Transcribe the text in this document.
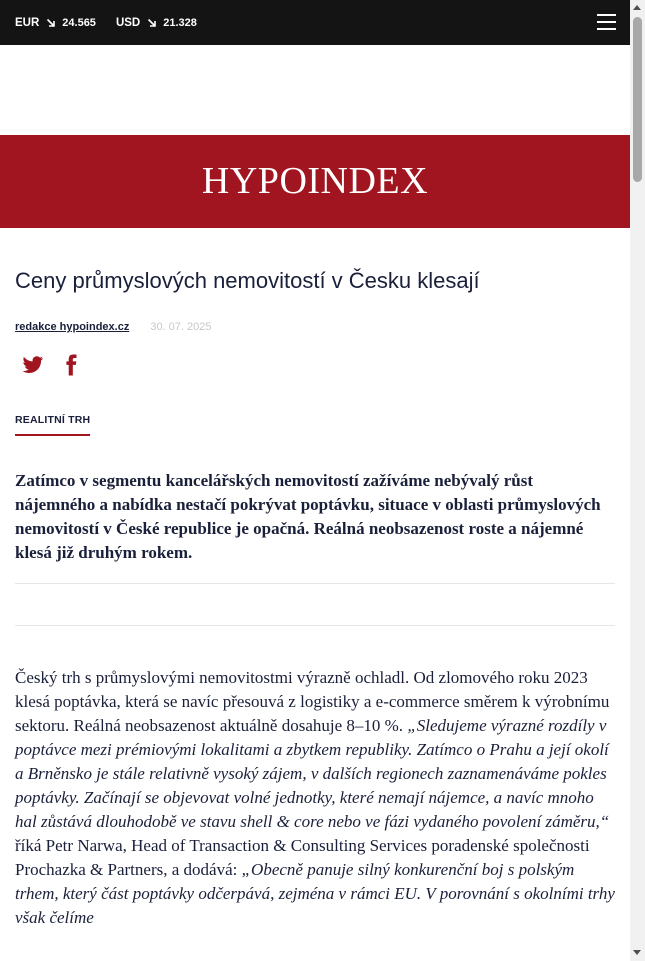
EUR 24.565 USD 21.328
HYPOINDEX
Ceny průmyslových nemovitostí v Česku klesají
redakce hypoindex.cz 30. 07. 2025
REALITNÍ TRH

Zatímco v segmentu kancelářských nemovitostí zažíváme nebývalý růst nájemného a nabídka nestačí pokrývat poptávku, situace v oblasti průmyslových nemovitostí v České republice je opačná. Reálná neobsazenost roste a nájemné klesá již druhým rokem.

Český trh s průmyslovými nemovitostmi výrazně ochladl. Od zlomového roku 2023 klesá poptávka, která se navíc přesouvá z logistiky a e-commerce směrem k výrobnímu sektoru. Reálná neobsazenost aktuálně dosahuje 8–10 %. „Sledujeme výrazné rozdíly v poptávce mezi prémiovými lokalitami a zbytkem republiky. Zatímco o Prahu a její okolí a Brněnsko je stále relativně vysoký zájem, v dalších regionech zaznamenáváme pokles poptávky. Začínají se objevovat volné jednotky, které nemají nájemce, a navíc mnoho hal zůstává dlouhodobě ve stavu shell & core nebo ve fázi vydaného povolení záměru,“ říká Petr Narwa, Head of Transaction & Consulting Services poradenské společnosti Prochazka & Partners, a dodává: „Obecně panuje silný konkurenční boj s polským trhem, který část poptávky odčerpává, zejména v rámci EU. V porovnání s okolními trhy však čelíme
